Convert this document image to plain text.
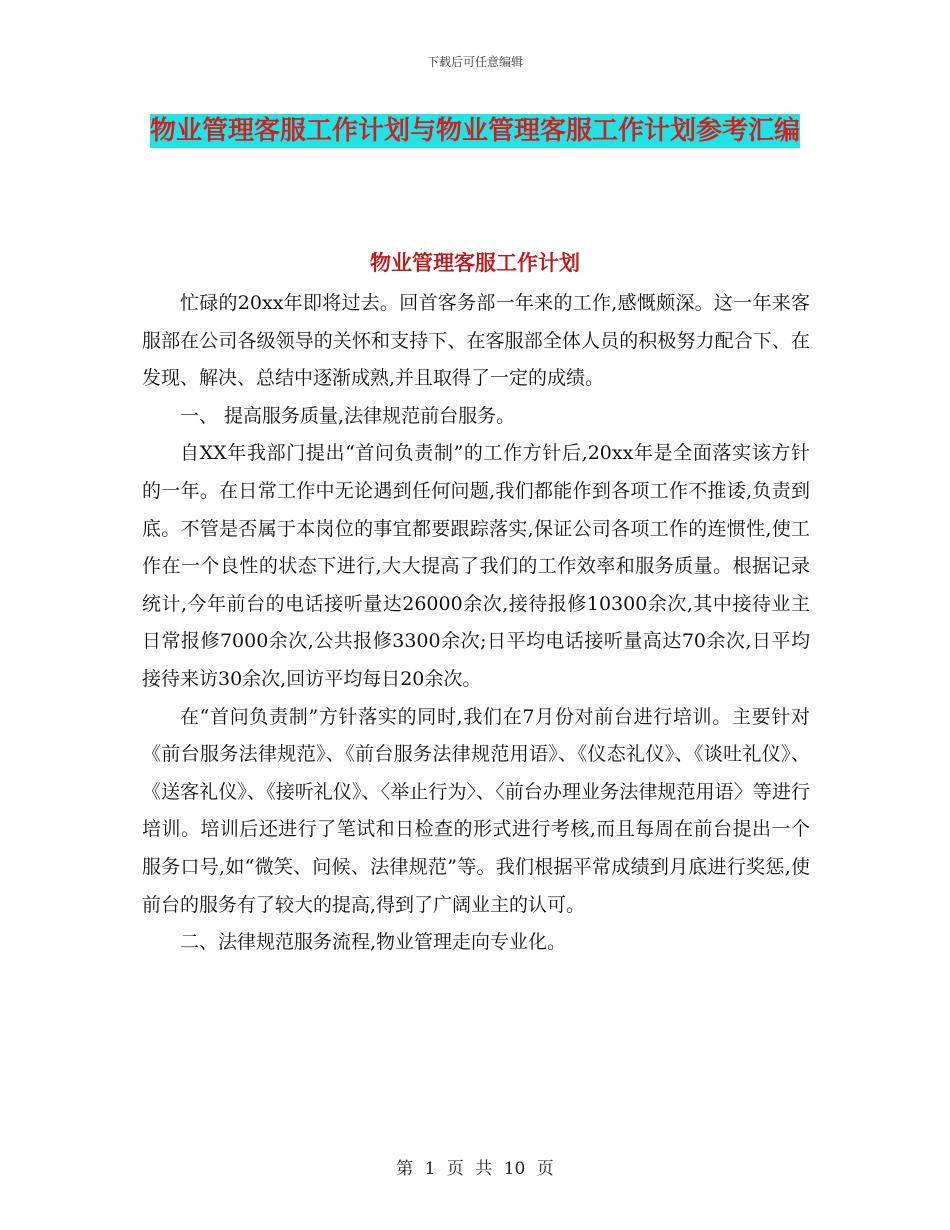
下载后可任意编辑
物业管理客服工作计划与物业管理客服工作计划参考汇编
物业管理客服工作计划

忙碌的20xx年即将过去。回首客务部一年来的工作,感慨颇深。这一年来客服部在公司各级领导的关怀和支持下、在客服部全体人员的积极努力配合下、在发现、解决、总结中逐渐成熟,并且取得了一定的成绩。

一、 提高服务质量,法律规范前台服务。

自XX年我部门提出“首问负责制”的工作方针后,20xx年是全面落实该方针的一年。在日常工作中无论遇到任何问题,我们都能作到各项工作不推诿,负责到底。不管是否属于本岗位的事宜都要跟踪落实,保证公司各项工作的连惯性,使工作在一个良性的状态下进行,大大提高了我们的工作效率和服务质量。根据记录统计,今年前台的电话接听量达26000余次,接待报修10300余次,其中接待业主日常报修7000余次,公共报修3300余次;日平均电话接听量高达70余次,日平均接待来访30余次,回访平均每日20余次。

在“首问负责制”方针落实的同时,我们在7月份对前台进行培训。主要针对《前台服务法律规范》、《前台服务法律规范用语》、《仪态礼仪》、《谈吐礼仪》、《送客礼仪》、《接听礼仪》、〈举止行为〉、〈前台办理业务法律规范用语〉等进行培训。培训后还进行了笔试和日检查的形式进行考核,而且每周在前台提出一个服务口号,如“微笑、问候、法律规范”等。我们根据平常成绩到月底进行奖惩,使前台的服务有了较大的提高,得到了广阔业主的认可。

二、法律规范服务流程,物业管理走向专业化。

第 1 页 共 10 页
